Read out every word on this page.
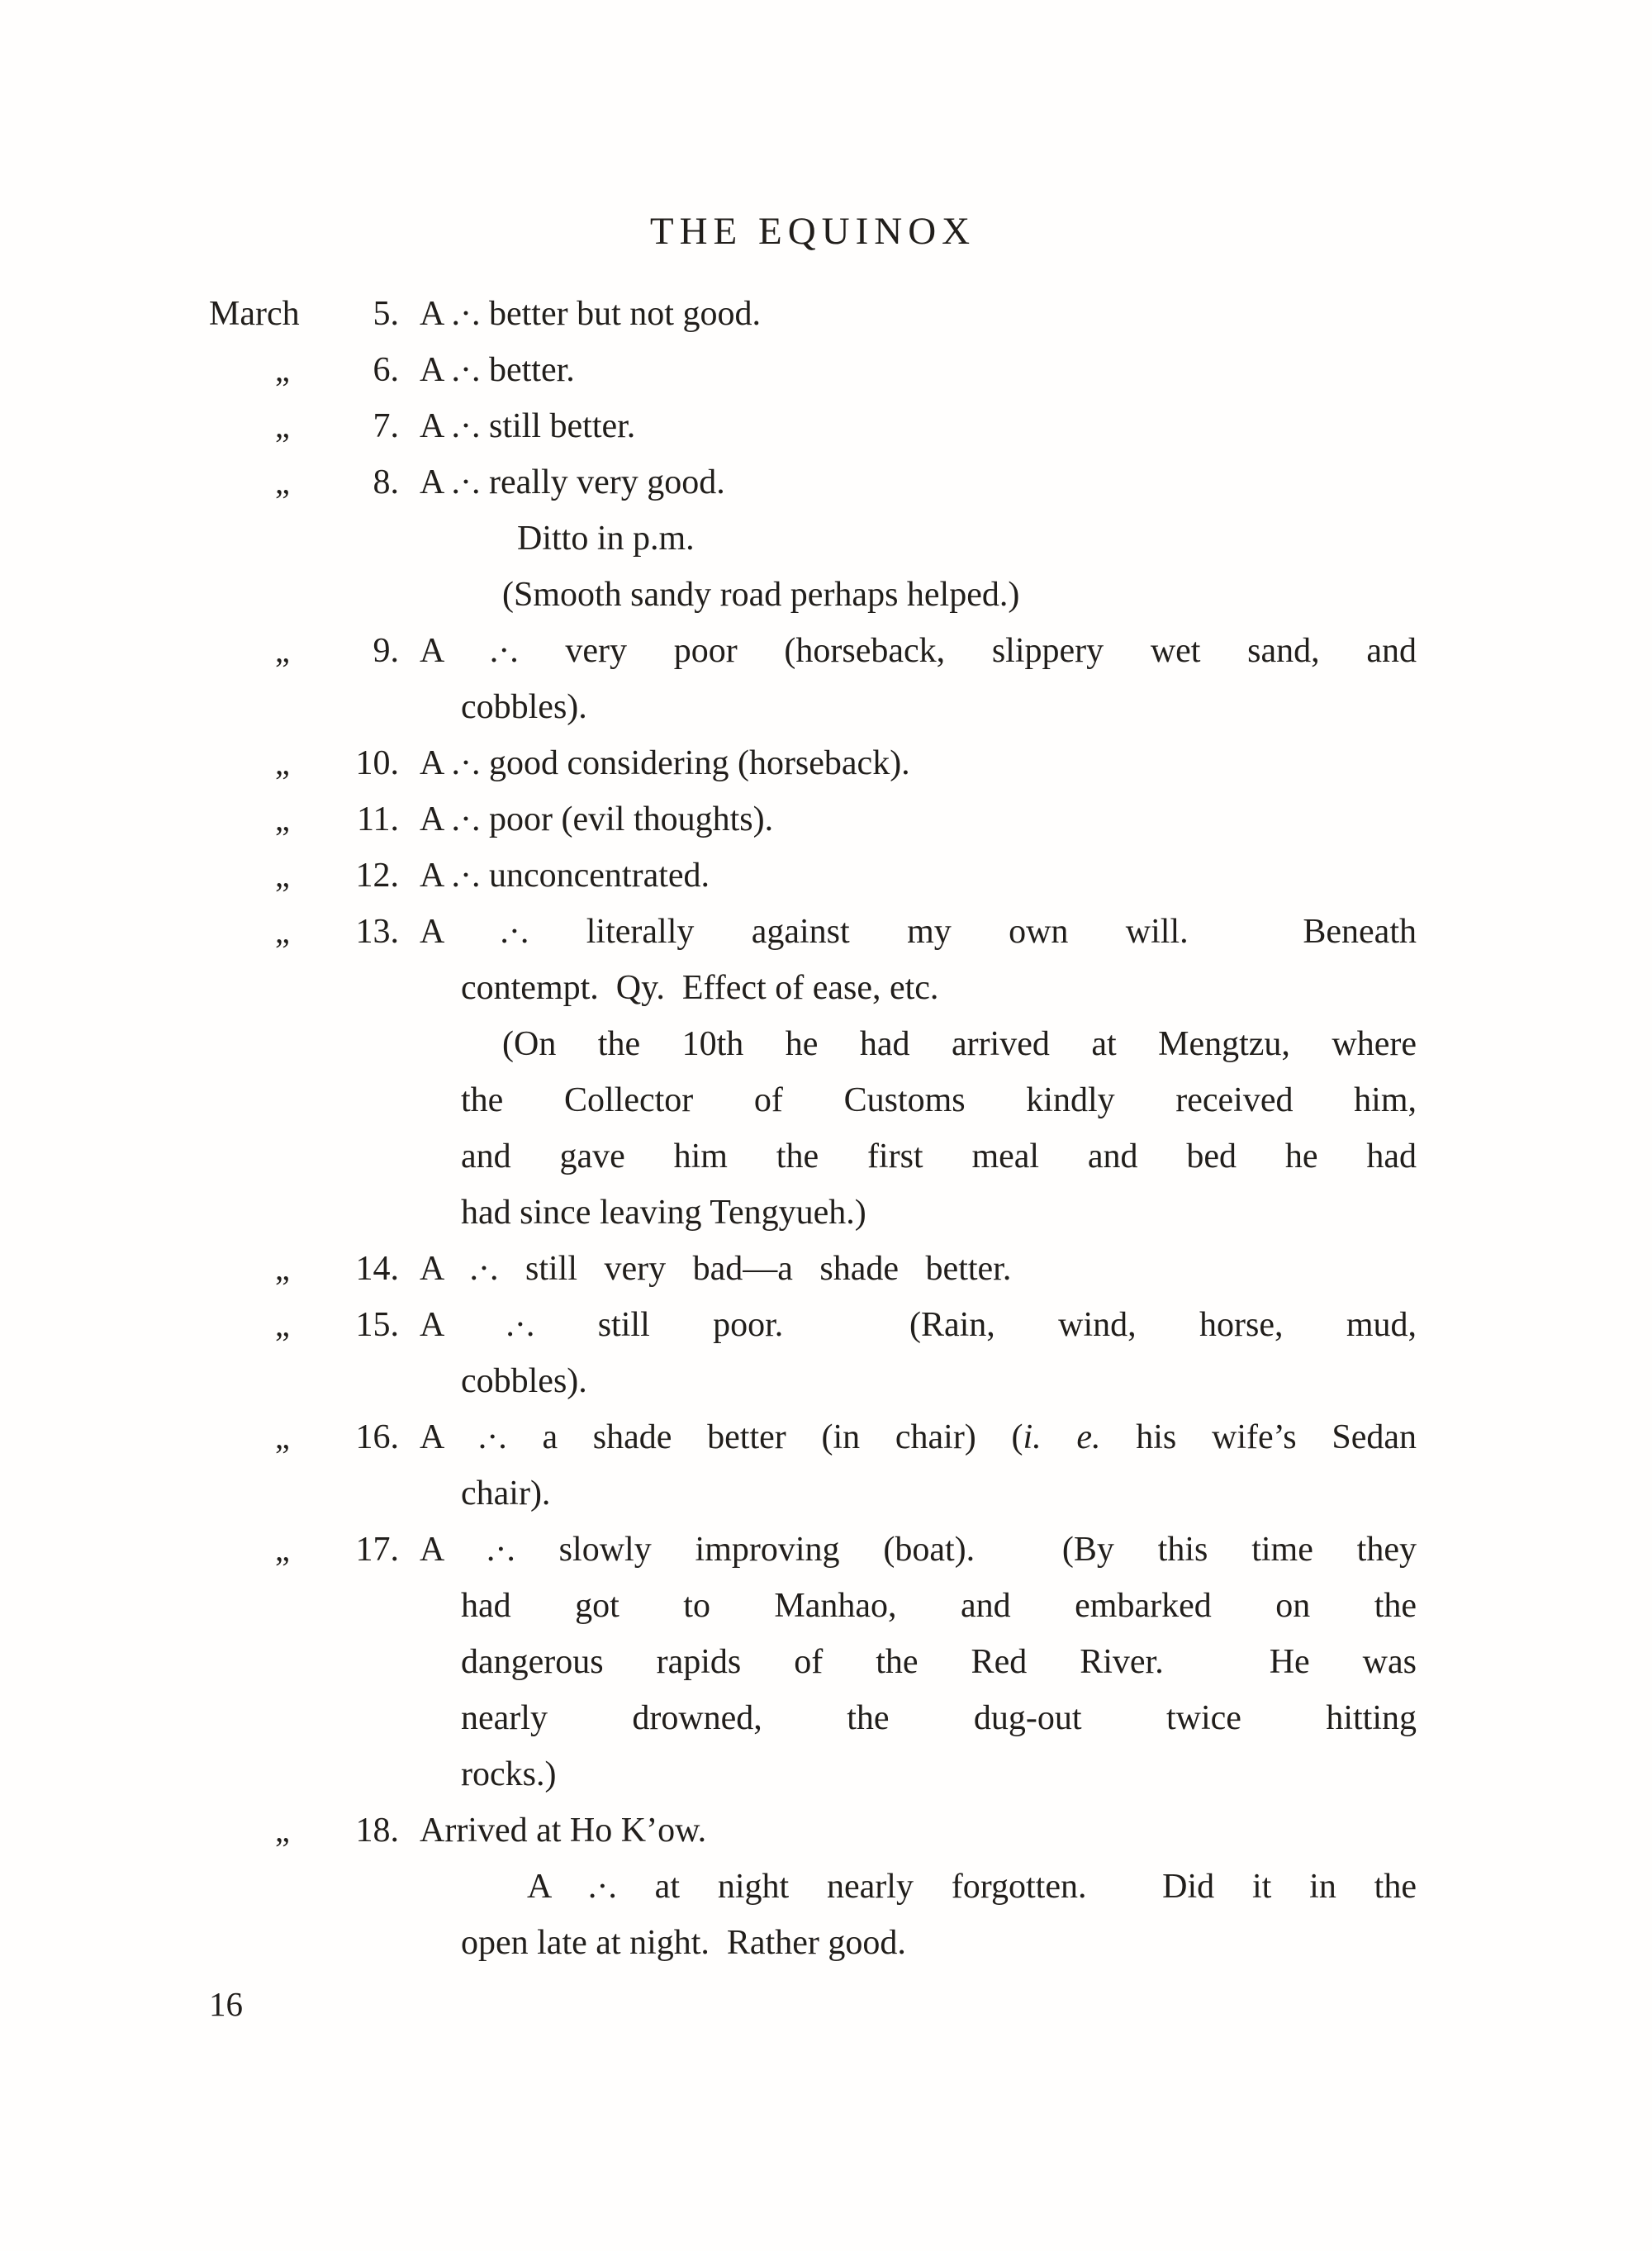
THE EQUINOX
March	5. A .·. better but not good.
„	6. A .·. better.
„	7. A .·. still better.
„	8. A .·. really very good.
Ditto in p.m.
(Smooth sandy road perhaps helped.)
„	9. A .·. very poor (horseback, slippery wet sand, and
cobbles).
„	10. A .·. good considering (horseback).
„	11. A .·. poor (evil thoughts).
„	12. A .·. unconcentrated.
„	13. A .·. literally against my own will.  Beneath
contempt.  Qy.  Effect of ease, etc.
(On the 10th he had arrived at Mengtzu, where
the Collector of Customs kindly received him,
and gave him the first meal and bed he had
had since leaving Tengyueh.)
„	14. A .·. still very bad—a shade better.
„	15. A .·. still poor.  (Rain, wind, horse, mud,
cobbles).
„	16. A .·. a shade better (in chair) (i. e. his wife’s Sedan
chair).
„	17. A .·. slowly improving (boat).  (By this time they
had got to Manhao, and embarked on the
dangerous rapids of the Red River.  He was
nearly drowned, the dug-out twice hitting
rocks.)
„	18. Arrived at Ho K’ow.
A .·. at night nearly forgotten.  Did it in the
open late at night.  Rather good.
16
